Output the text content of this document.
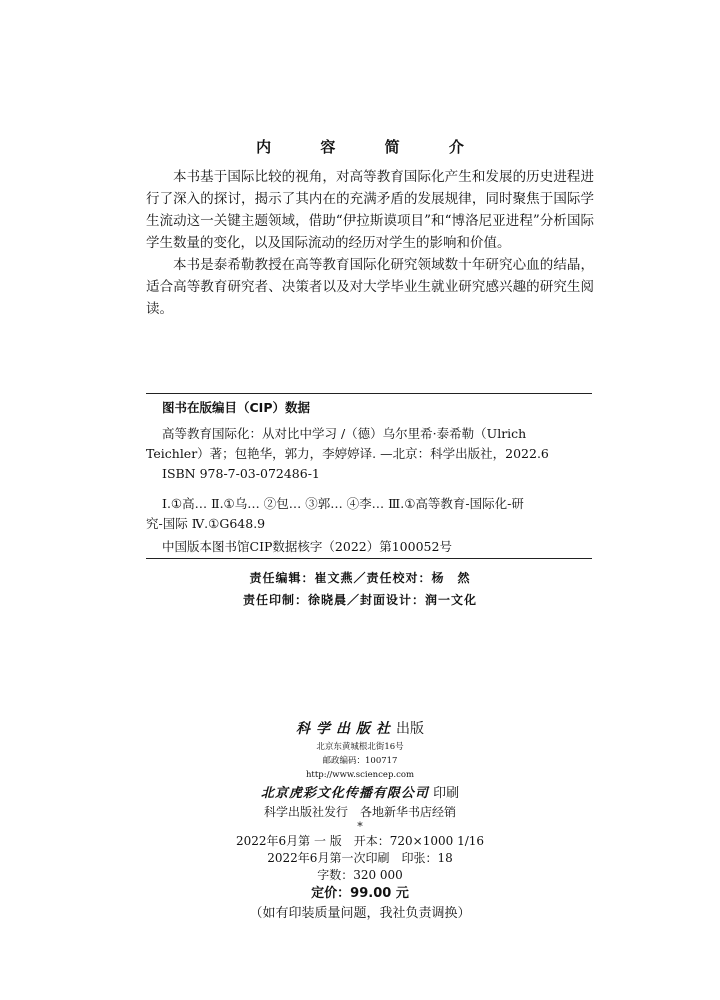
内 容 简 介

本书基于国际比较的视角，对高等教育国际化产生和发展的历史进程进行了深入的探讨，揭示了其内在的充满矛盾的发展规律，同时聚焦于国际学生流动这一关键主题领域，借助“伊拉斯谟项目”和“博洛尼亚进程”分析国际学生数量的变化，以及国际流动的经历对学生的影响和价值。

本书是泰希勒教授在高等教育国际化研究领域数十年研究心血的结晶，适合高等教育研究者、决策者以及对大学毕业生就业研究感兴趣的研究生阅读。

图书在版编目（CIP）数据
高等教育国际化：从对比中学习 /（德）乌尔里希·泰希勒（Ulrich
Teichler）著；包艳华，郭力，李婷婷译. —北京：科学出版社，2022.6
ISBN 978-7-03-072486-1
Ⅰ.①高… Ⅱ.①乌… ②包… ③郭… ④李… Ⅲ.①高等教育-国际化-研
究-国际 Ⅳ.①G648.9
中国版本图书馆CIP数据核字（2022）第100052号
责任编辑：崔文燕／责任校对：杨　然
责任印制：徐晓晨／封面设计：润一文化
科学出版社出版
北京东黄城根北街16号
邮政编码：100717
http://www.sciencep.com
北京虎彩文化传播有限公司 印刷
科学出版社发行　各地新华书店经销
*
2022年6月第 一 版　开本：720×1000 1/16
2022年6月第一次印刷　印张：18
字数：320 000
定价：99.00 元
（如有印装质量问题，我社负责调换）
